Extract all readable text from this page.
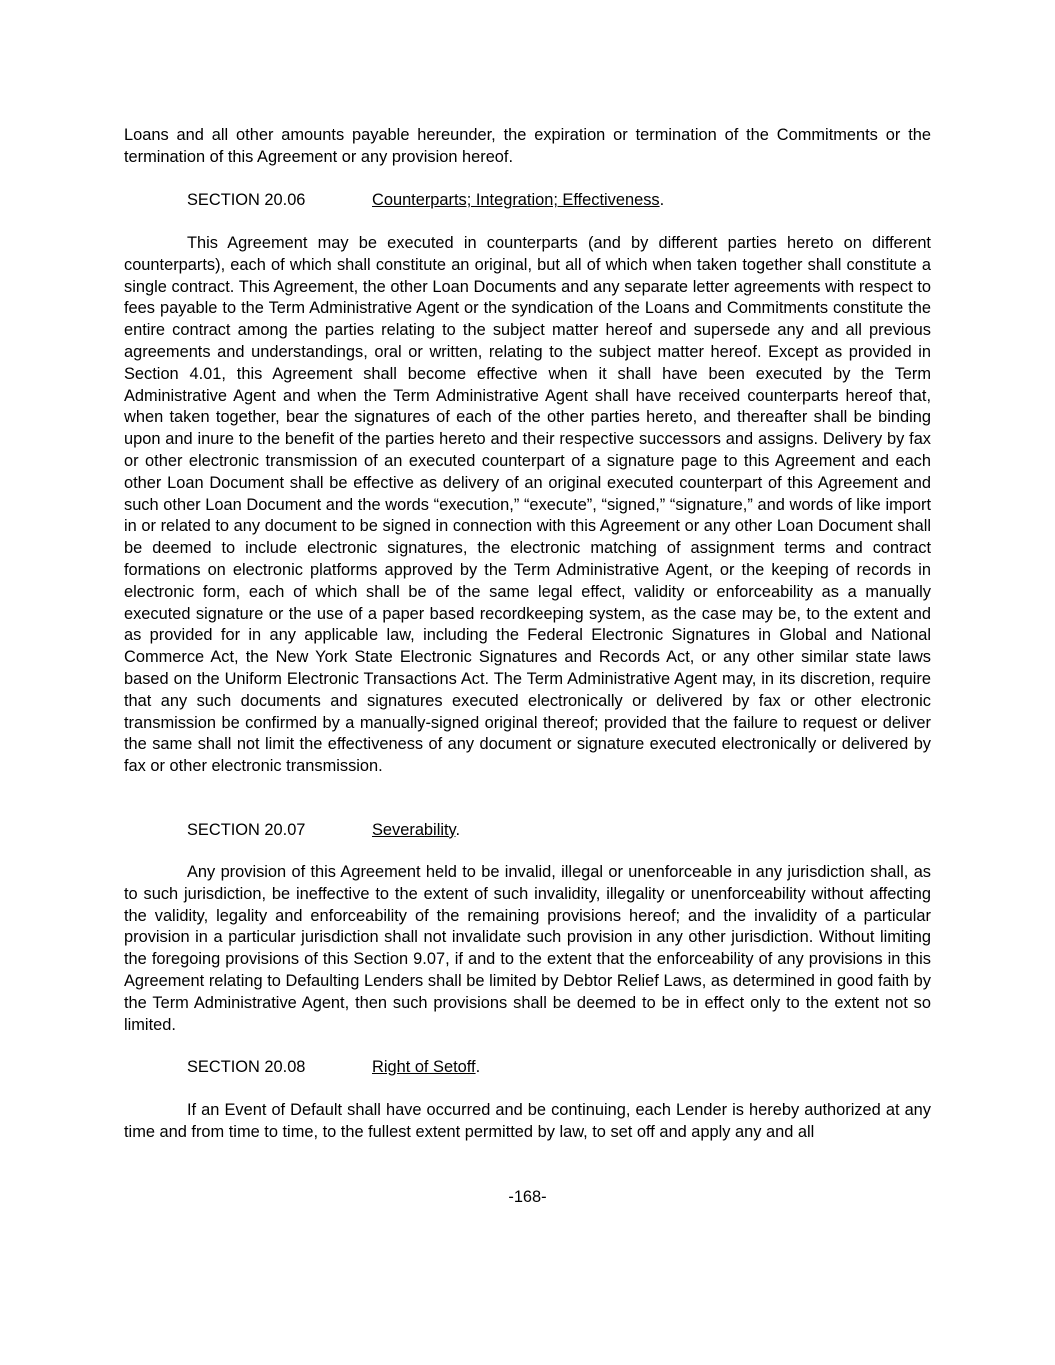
Loans and all other amounts payable hereunder, the expiration or termination of the Commitments or the termination of this Agreement or any provision hereof.

SECTION 20.06	Counterparts; Integration; Effectiveness.

This Agreement may be executed in counterparts (and by different parties hereto on different counterparts), each of which shall constitute an original, but all of which when taken together shall constitute a single contract. This Agreement, the other Loan Documents and any separate letter agreements with respect to fees payable to the Term Administrative Agent or the syndication of the Loans and Commitments constitute the entire contract among the parties relating to the subject matter hereof and supersede any and all previous agreements and understandings, oral or written, relating to the subject matter hereof. Except as provided in Section 4.01, this Agreement shall become effective when it shall have been executed by the Term Administrative Agent and when the Term Administrative Agent shall have received counterparts hereof that, when taken together, bear the signatures of each of the other parties hereto, and thereafter shall be binding upon and inure to the benefit of the parties hereto and their respective successors and assigns. Delivery by fax or other electronic transmission of an executed counterpart of a signature page to this Agreement and each other Loan Document shall be effective as delivery of an original executed counterpart of this Agreement and such other Loan Document and the words “execution,” “execute”, “signed,” “signature,” and words of like import in or related to any document to be signed in connection with this Agreement or any other Loan Document shall be deemed to include electronic signatures, the electronic matching of assignment terms and contract formations on electronic platforms approved by the Term Administrative Agent, or the keeping of records in electronic form, each of which shall be of the same legal effect, validity or enforceability as a manually executed signature or the use of a paper based recordkeeping system, as the case may be, to the extent and as provided for in any applicable law, including the Federal Electronic Signatures in Global and National Commerce Act, the New York State Electronic Signatures and Records Act, or any other similar state laws based on the Uniform Electronic Transactions Act. The Term Administrative Agent may, in its discretion, require that any such documents and signatures executed electronically or delivered by fax or other electronic transmission be confirmed by a manually-signed original thereof; provided that the failure to request or deliver the same shall not limit the effectiveness of any document or signature executed electronically or delivered by fax or other electronic transmission.

SECTION 20.07	Severability.

Any provision of this Agreement held to be invalid, illegal or unenforceable in any jurisdiction shall, as to such jurisdiction, be ineffective to the extent of such invalidity, illegality or unenforceability without affecting the validity, legality and enforceability of the remaining provisions hereof; and the invalidity of a particular provision in a particular jurisdiction shall not invalidate such provision in any other jurisdiction. Without limiting the foregoing provisions of this Section 9.07, if and to the extent that the enforceability of any provisions in this Agreement relating to Defaulting Lenders shall be limited by Debtor Relief Laws, as determined in good faith by the Term Administrative Agent, then such provisions shall be deemed to be in effect only to the extent not so limited.

SECTION 20.08	Right of Setoff.

If an Event of Default shall have occurred and be continuing, each Lender is hereby authorized at any time and from time to time, to the fullest extent permitted by law, to set off and apply any and all

-168-
